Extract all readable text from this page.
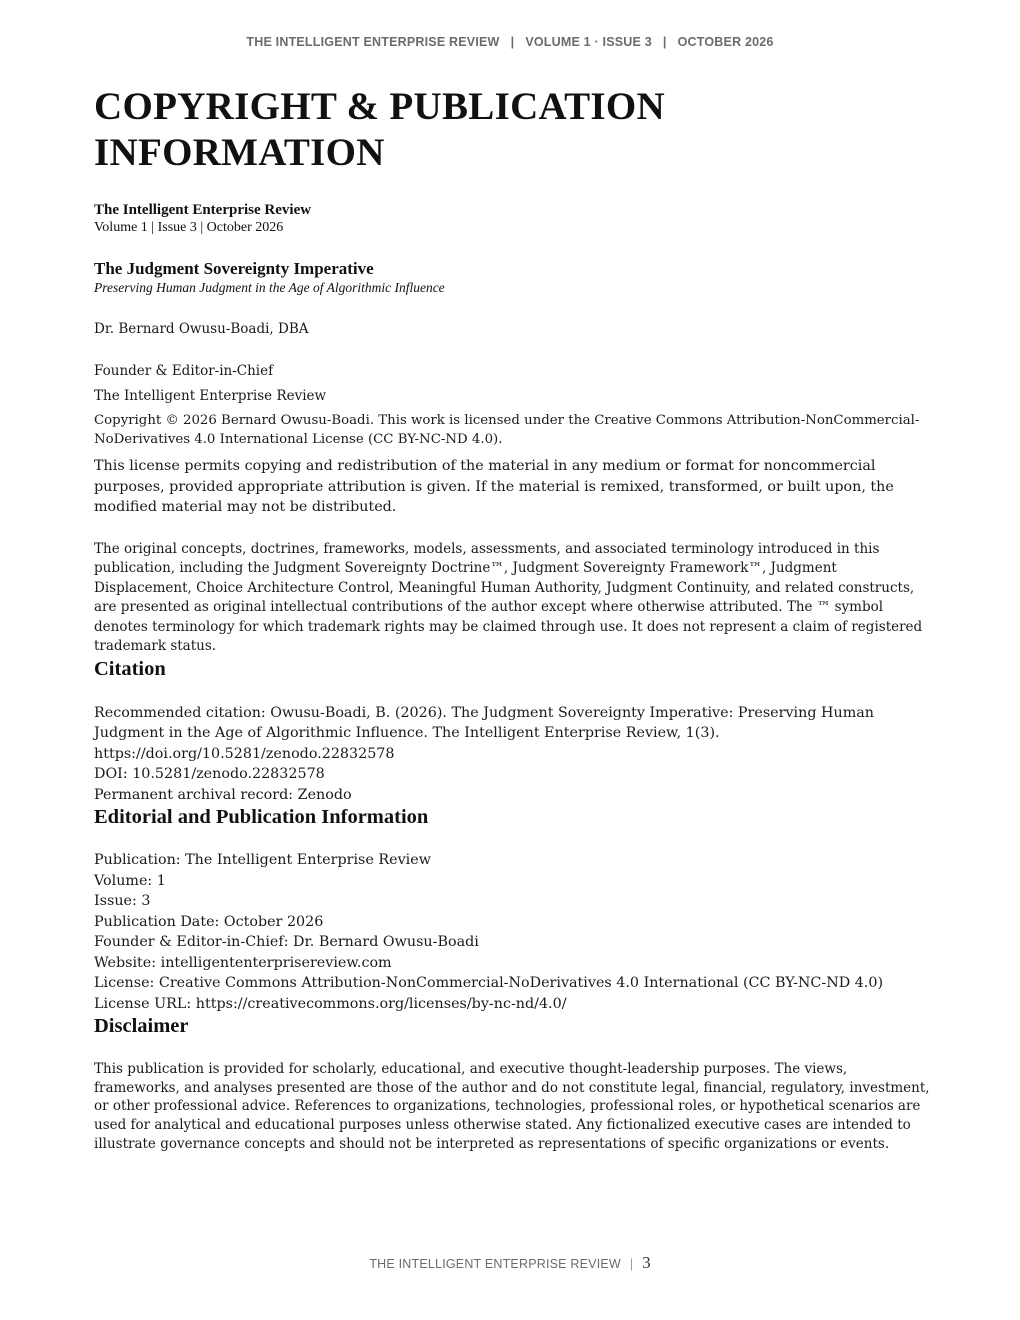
THE INTELLIGENT ENTERPRISE REVIEW | VOLUME 1 · ISSUE 3 | OCTOBER 2026
COPYRIGHT & PUBLICATION INFORMATION
The Intelligent Enterprise Review
Volume 1 | Issue 3 | October 2026
The Judgment Sovereignty Imperative
Preserving Human Judgment in the Age of Algorithmic Influence

Dr. Bernard Owusu-Boadi, DBA

Founder & Editor-in-Chief

The Intelligent Enterprise Review

Copyright © 2026 Bernard Owusu-Boadi. This work is licensed under the Creative Commons Attribution-NonCommercial-NoDerivatives 4.0 International License (CC BY-NC-ND 4.0).

This license permits copying and redistribution of the material in any medium or format for noncommercial purposes, provided appropriate attribution is given. If the material is remixed, transformed, or built upon, the modified material may not be distributed.

The original concepts, doctrines, frameworks, models, assessments, and associated terminology introduced in this publication, including the Judgment Sovereignty Doctrine™, Judgment Sovereignty Framework™, Judgment Displacement, Choice Architecture Control, Meaningful Human Authority, Judgment Continuity, and related constructs, are presented as original intellectual contributions of the author except where otherwise attributed. The ™ symbol denotes terminology for which trademark rights may be claimed through use. It does not represent a claim of registered trademark status.

Citation
Recommended citation: Owusu-Boadi, B. (2026). The Judgment Sovereignty Imperative: Preserving Human Judgment in the Age of Algorithmic Influence. The Intelligent Enterprise Review, 1(3). https://doi.org/10.5281/zenodo.22832578
DOI: 10.5281/zenodo.22832578
Permanent archival record: Zenodo
Editorial and Publication Information
Publication: The Intelligent Enterprise Review
Volume: 1
Issue: 3
Publication Date: October 2026
Founder & Editor-in-Chief: Dr. Bernard Owusu-Boadi
Website: intelligententerprisereview.com
License: Creative Commons Attribution-NonCommercial-NoDerivatives 4.0 International (CC BY-NC-ND 4.0)
License URL: https://creativecommons.org/licenses/by-nc-nd/4.0/
Disclaimer

This publication is provided for scholarly, educational, and executive thought-leadership purposes. The views, frameworks, and analyses presented are those of the author and do not constitute legal, financial, regulatory, investment, or other professional advice. References to organizations, technologies, professional roles, or hypothetical scenarios are used for analytical and educational purposes unless otherwise stated. Any fictionalized executive cases are intended to illustrate governance concepts and should not be interpreted as representations of specific organizations or events.

THE INTELLIGENT ENTERPRISE REVIEW | 3
